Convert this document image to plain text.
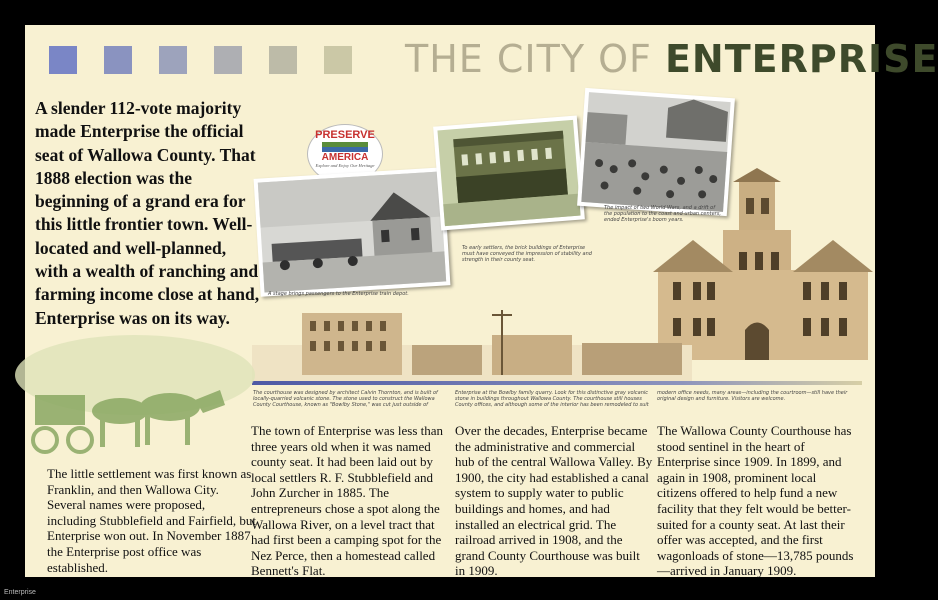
THE CITY OF ENTERPRISE
A slender 112-vote majority made Enterprise the official seat of Wallowa County. That 1888 election was the beginning of a grand era for this little frontier town. Well-located and well-planned, with a wealth of ranching and farming income close at hand, Enterprise was on its way.
PRESERVE
AMERICA
Explore and Enjoy Our Heritage
A stage brings passengers to the Enterprise train depot.
To early settlers, the brick buildings of Enterprise must have conveyed the impression of stability and strength in their county seat.
The impact of two World Wars, and a drift of the population to the coast and urban centers, ended Enterprise's boom years.
The courthouse was designed by architect Calvin Thornton, and is built of locally-quarried volcanic stone. The stone used to construct the Wallowa County Courthouse, known as "Bowlby Stone," was cut just outside of
Enterprise at the Bowlby family quarry. Look for this distinctive gray volcanic stone in buildings throughout Wallowa County. The courthouse still houses County offices, and although some of the interior has been remodeled to suit
modern office needs, many areas—including the courtroom—still have their original design and furniture. Visitors are welcome.
The little settlement was first known as Franklin, and then Wallowa City. Several names were proposed, including Stubblefield and Fairfield, but Enterprise won out. In November 1887 the Enterprise post office was established.
The town of Enterprise was less than three years old when it was named county seat. It had been laid out by local settlers R. F. Stubblefield and John Zurcher in 1885. The entrepreneurs chose a spot along the Wallowa River, on a level tract that had first been a camping spot for the Nez Perce, then a homestead called Bennett's Flat.
Over the decades, Enterprise became the administrative and commercial hub of the central Wallowa Valley. By 1900, the city had established a canal system to supply water to public buildings and homes, and had installed an electrical grid. The railroad arrived in 1908, and the grand County Courthouse was built in 1909.
The Wallowa County Courthouse has stood sentinel in the heart of Enterprise since 1909. In 1899, and again in 1908, prominent local citizens offered to help fund a new facility that they felt would be better-suited for a county seat. At last their offer was accepted, and the first wagonloads of stone—13,785 pounds—arrived in January 1909.
Enterprise
